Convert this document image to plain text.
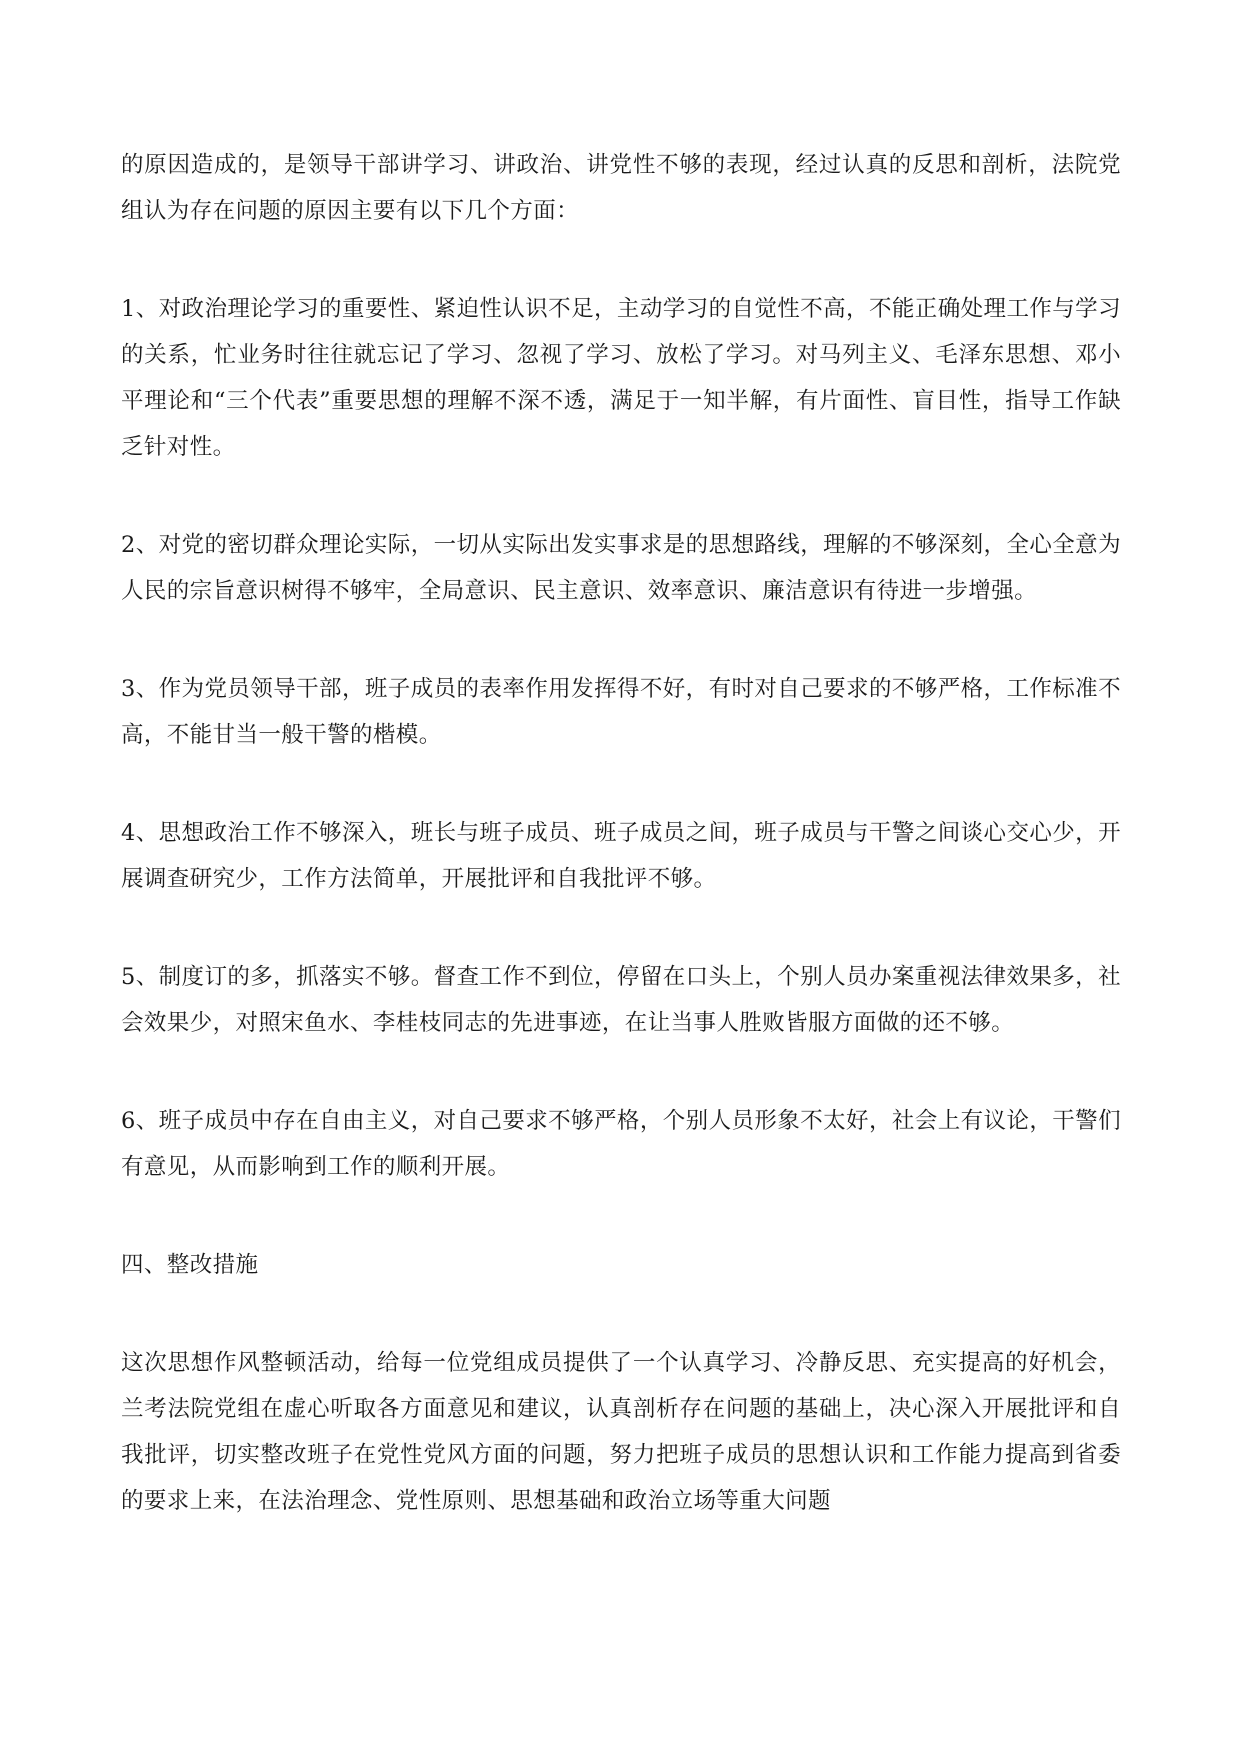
的原因造成的，是领导干部讲学习、讲政治、讲党性不够的表现，经过认真的反思和剖析，法院党组认为存在问题的原因主要有以下几个方面：

1、对政治理论学习的重要性、紧迫性认识不足，主动学习的自觉性不高，不能正确处理工作与学习的关系，忙业务时往往就忘记了学习、忽视了学习、放松了学习。对马列主义、毛泽东思想、邓小平理论和“三个代表”重要思想的理解不深不透，满足于一知半解，有片面性、盲目性，指导工作缺乏针对性。

2、对党的密切群众理论实际，一切从实际出发实事求是的思想路线，理解的不够深刻，全心全意为人民的宗旨意识树得不够牢，全局意识、民主意识、效率意识、廉洁意识有待进一步增强。

3、作为党员领导干部，班子成员的表率作用发挥得不好，有时对自己要求的不够严格，工作标准不高，不能甘当一般干警的楷模。

4、思想政治工作不够深入，班长与班子成员、班子成员之间，班子成员与干警之间谈心交心少，开展调查研究少，工作方法简单，开展批评和自我批评不够。

5、制度订的多，抓落实不够。督查工作不到位，停留在口头上，个别人员办案重视法律效果多，社会效果少，对照宋鱼水、李桂枝同志的先进事迹，在让当事人胜败皆服方面做的还不够。

6、班子成员中存在自由主义，对自己要求不够严格，个别人员形象不太好，社会上有议论，干警们有意见，从而影响到工作的顺利开展。

四、整改措施

这次思想作风整顿活动，给每一位党组成员提供了一个认真学习、冷静反思、充实提高的好机会，兰考法院党组在虚心听取各方面意见和建议，认真剖析存在问题的基础上，决心深入开展批评和自我批评，切实整改班子在党性党风方面的问题，努力把班子成员的思想认识和工作能力提高到省委的要求上来，在法治理念、党性原则、思想基础和政治立场等重大问题
